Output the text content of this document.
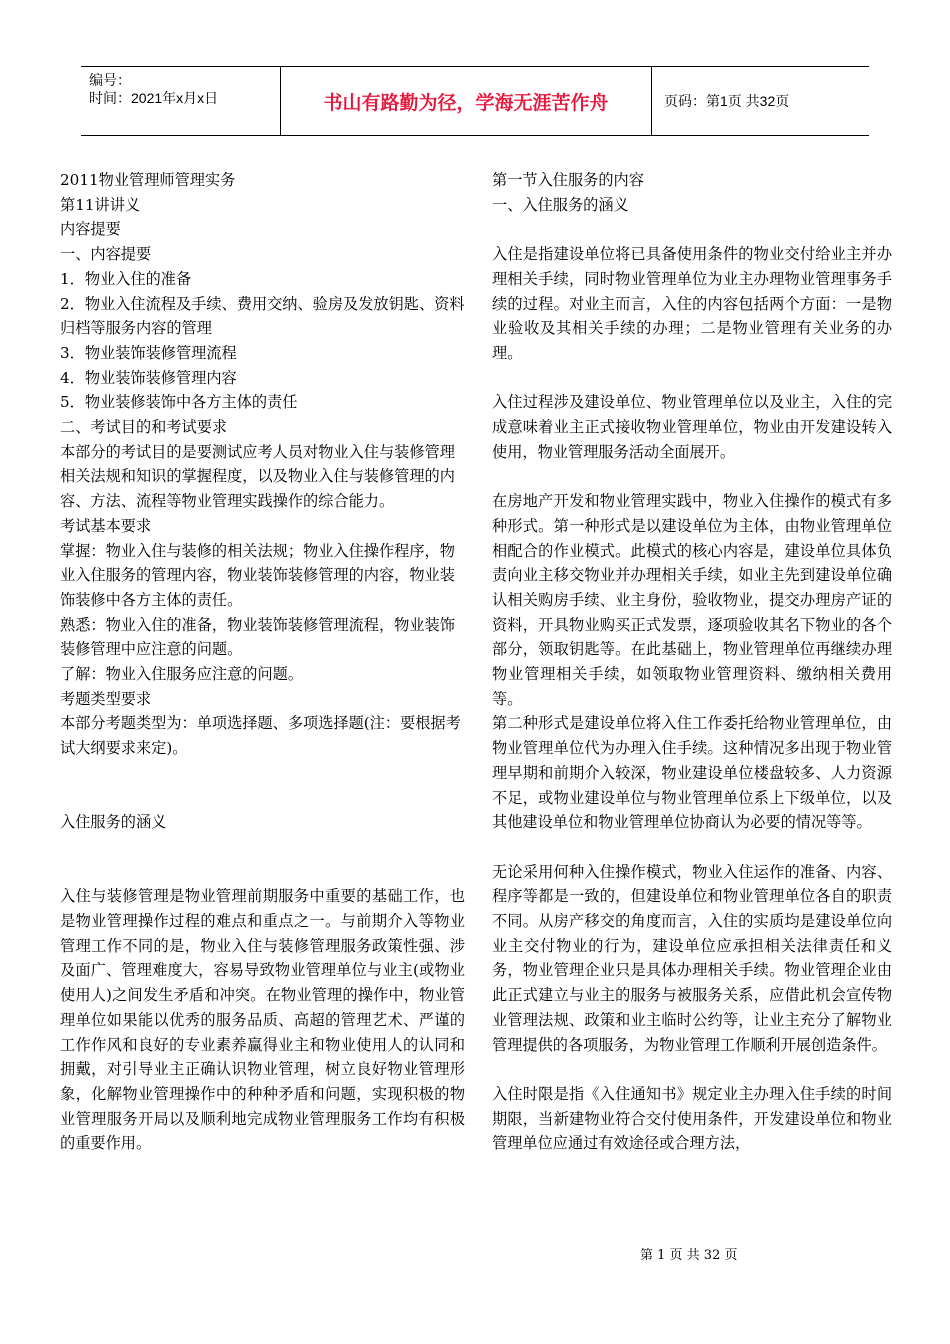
编号：
时间：2021年x月x日	书山有路勤为径，学海无涯苦作舟	页码：第1页 共32页

2011物业管理师管理实务

第11讲讲义

内容提要

一、内容提要

1．物业入住的准备

2．物业入住流程及手续、费用交纳、验房及发放钥匙、资料归档等服务内容的管理

3．物业装饰装修管理流程

4．物业装饰装修管理内容

5．物业装修装饰中各方主体的责任

二、考试目的和考试要求

本部分的考试目的是要测试应考人员对物业入住与装修管理相关法规和知识的掌握程度，以及物业入住与装修管理的内容、方法、流程等物业管理实践操作的综合能力。

考试基本要求

掌握：物业入住与装修的相关法规；物业入住操作程序，物业入住服务的管理内容，物业装饰装修管理的内容，物业装饰装修中各方主体的责任。

熟悉：物业入住的准备，物业装饰装修管理流程，物业装饰装修管理中应注意的问题。

了解：物业入住服务应注意的问题。

考题类型要求

本部分考题类型为：单项选择题、多项选择题(注：要根据考试大纲要求来定)。

入住服务的涵义

入住与装修管理是物业管理前期服务中重要的基础工作，也是物业管理操作过程的难点和重点之一。与前期介入等物业管理工作不同的是，物业入住与装修管理服务政策性强、涉及面广、管理难度大，容易导致物业管理单位与业主(或物业使用人)之间发生矛盾和冲突。在物业管理的操作中，物业管理单位如果能以优秀的服务品质、高超的管理艺术、严谨的工作作风和良好的专业素养赢得业主和物业使用人的认同和拥戴，对引导业主正确认识物业管理，树立良好物业管理形象，化解物业管理操作中的种种矛盾和问题，实现积极的物业管理服务开局以及顺利地完成物业管理服务工作均有积极的重要作用。

第一节入住服务的内容

一、入住服务的涵义

入住是指建设单位将已具备使用条件的物业交付给业主并办理相关手续，同时物业管理单位为业主办理物业管理事务手续的过程。对业主而言，入住的内容包括两个方面：一是物业验收及其相关手续的办理；二是物业管理有关业务的办理。

入住过程涉及建设单位、物业管理单位以及业主，入住的完成意味着业主正式接收物业管理单位，物业由开发建设转入使用，物业管理服务活动全面展开。

在房地产开发和物业管理实践中，物业入住操作的模式有多种形式。第一种形式是以建设单位为主体，由物业管理单位相配合的作业模式。此模式的核心内容是，建设单位具体负责向业主移交物业并办理相关手续，如业主先到建设单位确认相关购房手续、业主身份，验收物业，提交办理房产证的资料，开具物业购买正式发票，逐项验收其名下物业的各个部分，领取钥匙等。在此基础上，物业管理单位再继续办理物业管理相关手续，如领取物业管理资料、缴纳相关费用等。

第二种形式是建设单位将入住工作委托给物业管理单位，由物业管理单位代为办理入住手续。这种情况多出现于物业管理早期和前期介入较深，物业建设单位楼盘较多、人力资源不足，或物业建设单位与物业管理单位系上下级单位，以及其他建设单位和物业管理单位协商认为必要的情况等等。

无论采用何种入住操作模式，物业入住运作的准备、内容、程序等都是一致的，但建设单位和物业管理单位各自的职责不同。从房产移交的角度而言，入住的实质均是建设单位向业主交付物业的行为，建设单位应承担相关法律责任和义务，物业管理企业只是具体办理相关手续。物业管理企业由此正式建立与业主的服务与被服务关系，应借此机会宣传物业管理法规、政策和业主临时公约等，让业主充分了解物业管理提供的各项服务，为物业管理工作顺利开展创造条件。

入住时限是指《入住通知书》规定业主办理入住手续的时间期限，当新建物业符合交付使用条件，开发建设单位和物业管理单位应通过有效途径或合理方法，

第 1 页 共 32 页
